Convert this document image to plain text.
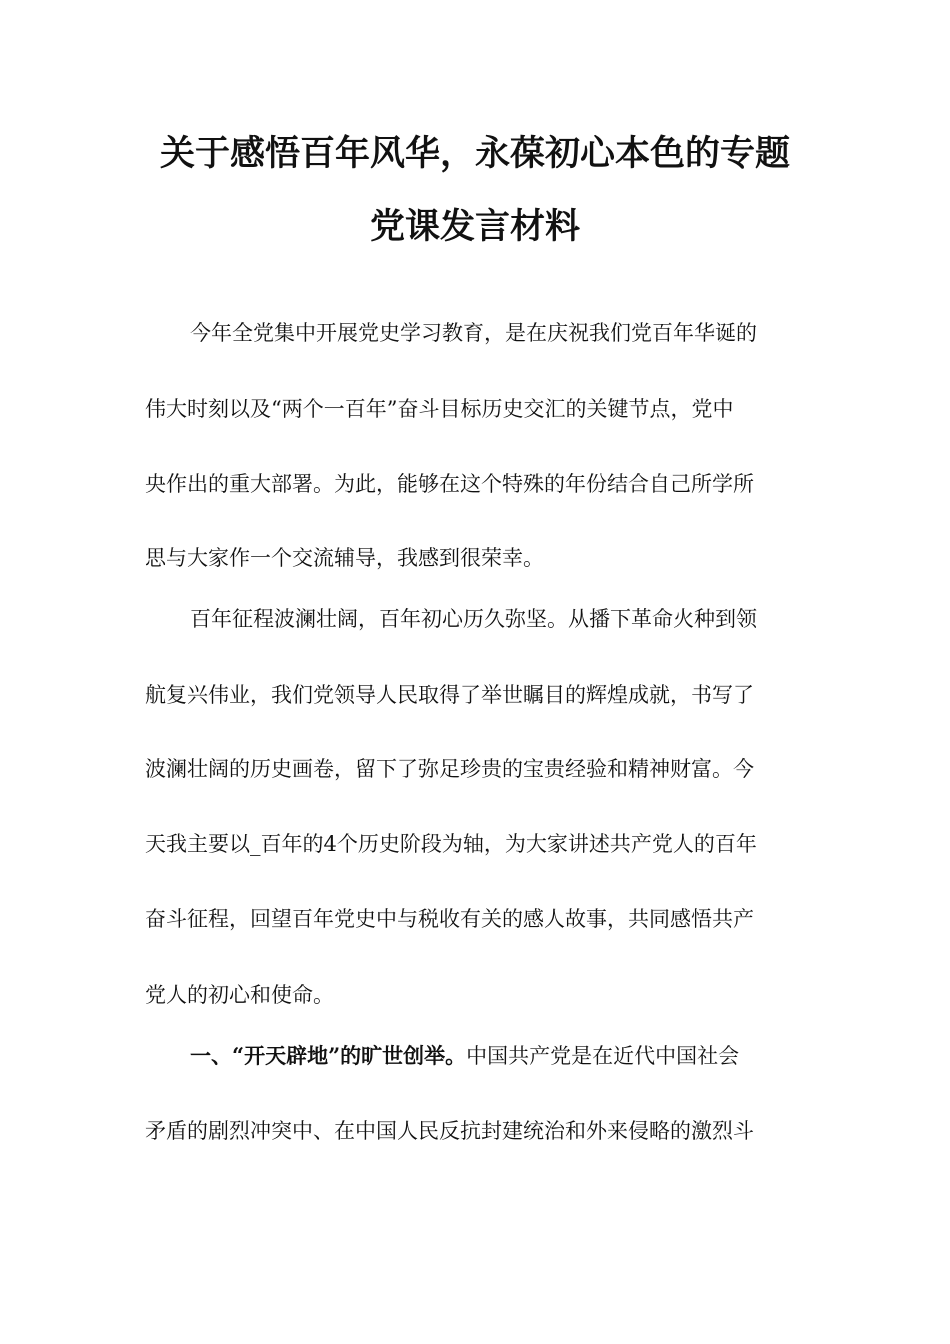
关于感悟百年风华，永葆初心本色的专题
党课发言材料
今年全党集中开展党史学习教育，是在庆祝我们党百年华诞的
伟大时刻以及“两个一百年”奋斗目标历史交汇的关键节点，党中
央作出的重大部署。为此，能够在这个特殊的年份结合自己所学所
思与大家作一个交流辅导，我感到很荣幸。
百年征程波澜壮阔，百年初心历久弥坚。从播下革命火种到领
航复兴伟业，我们党领导人民取得了举世瞩目的辉煌成就，书写了
波澜壮阔的历史画卷，留下了弥足珍贵的宝贵经验和精神财富。今
天我主要以_百年的4个历史阶段为轴，为大家讲述共产党人的百年
奋斗征程，回望百年党史中与税收有关的感人故事，共同感悟共产
党人的初心和使命。
一、“开天辟地”的旷世创举。中国共产党是在近代中国社会
矛盾的剧烈冲突中、在中国人民反抗封建统治和外来侵略的激烈斗
